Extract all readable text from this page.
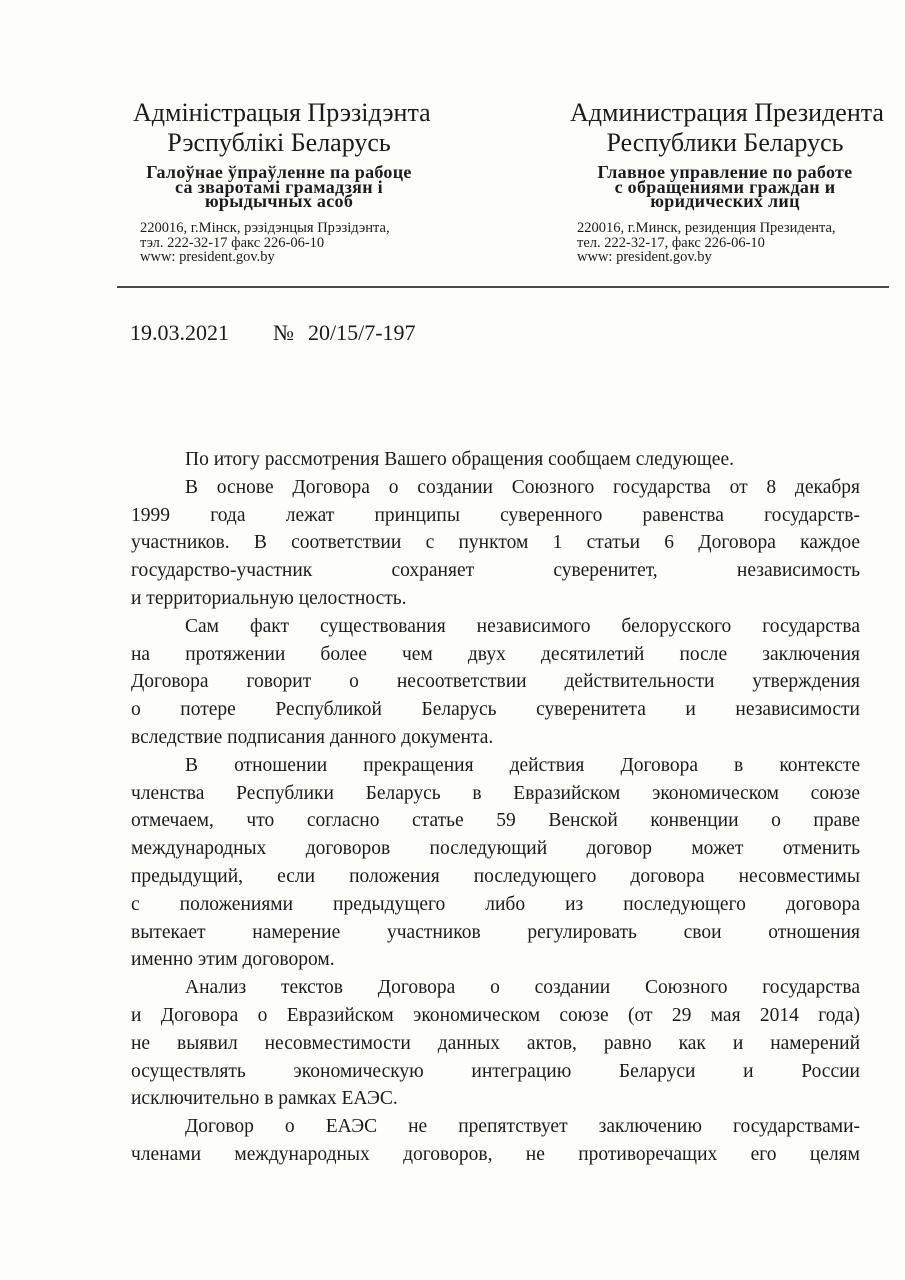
Адміністрацыя Прэзідэнта
Рэспублікі Беларусь
Галоўнае ўпраўленне па рабоце
са зваротамі грамадзян і
юрыдычных асоб
220016, г.Мінск, рэзідэнцыя Прэзідэнта,
тэл. 222-32-17 факс 226-06-10
www: president.gov.by
Администрация Президента
Республики Беларусь
Главное управление по работе
с обращениями граждан и
юридических лиц
220016, г.Минск, резиденция Президента,
тел. 222-32-17, факс 226-06-10
www: president.gov.by
19.03.2021 № 20/15/7-197

По итогу рассмотрения Вашего обращения сообщаем следующее.

В основе Договора о создании Союзного государства от 8 декабря
1999 года лежат принципы суверенного равенства государств-
участников. В соответствии с пунктом 1 статьи 6 Договора каждое
государство-участник сохраняет суверенитет, независимость
и территориальную целостность.

Сам факт существования независимого белорусского государства
на протяжении более чем двух десятилетий после заключения
Договора говорит о несоответствии действительности утверждения
о потере Республикой Беларусь суверенитета и независимости
вследствие подписания данного документа.

В отношении прекращения действия Договора в контексте
членства Республики Беларусь в Евразийском экономическом союзе
отмечаем, что согласно статье 59 Венской конвенции о праве
международных договоров последующий договор может отменить
предыдущий, если положения последующего договора несовместимы
с положениями предыдущего либо из последующего договора
вытекает намерение участников регулировать свои отношения
именно этим договором.

Анализ текстов Договора о создании Союзного государства
и Договора о Евразийском экономическом союзе (от 29 мая 2014 года)
не выявил несовместимости данных актов, равно как и намерений
осуществлять экономическую интеграцию Беларуси и России
исключительно в рамках ЕАЭС.

Договор о ЕАЭС не препятствует заключению государствами-
членами международных договоров, не противоречащих его целям
